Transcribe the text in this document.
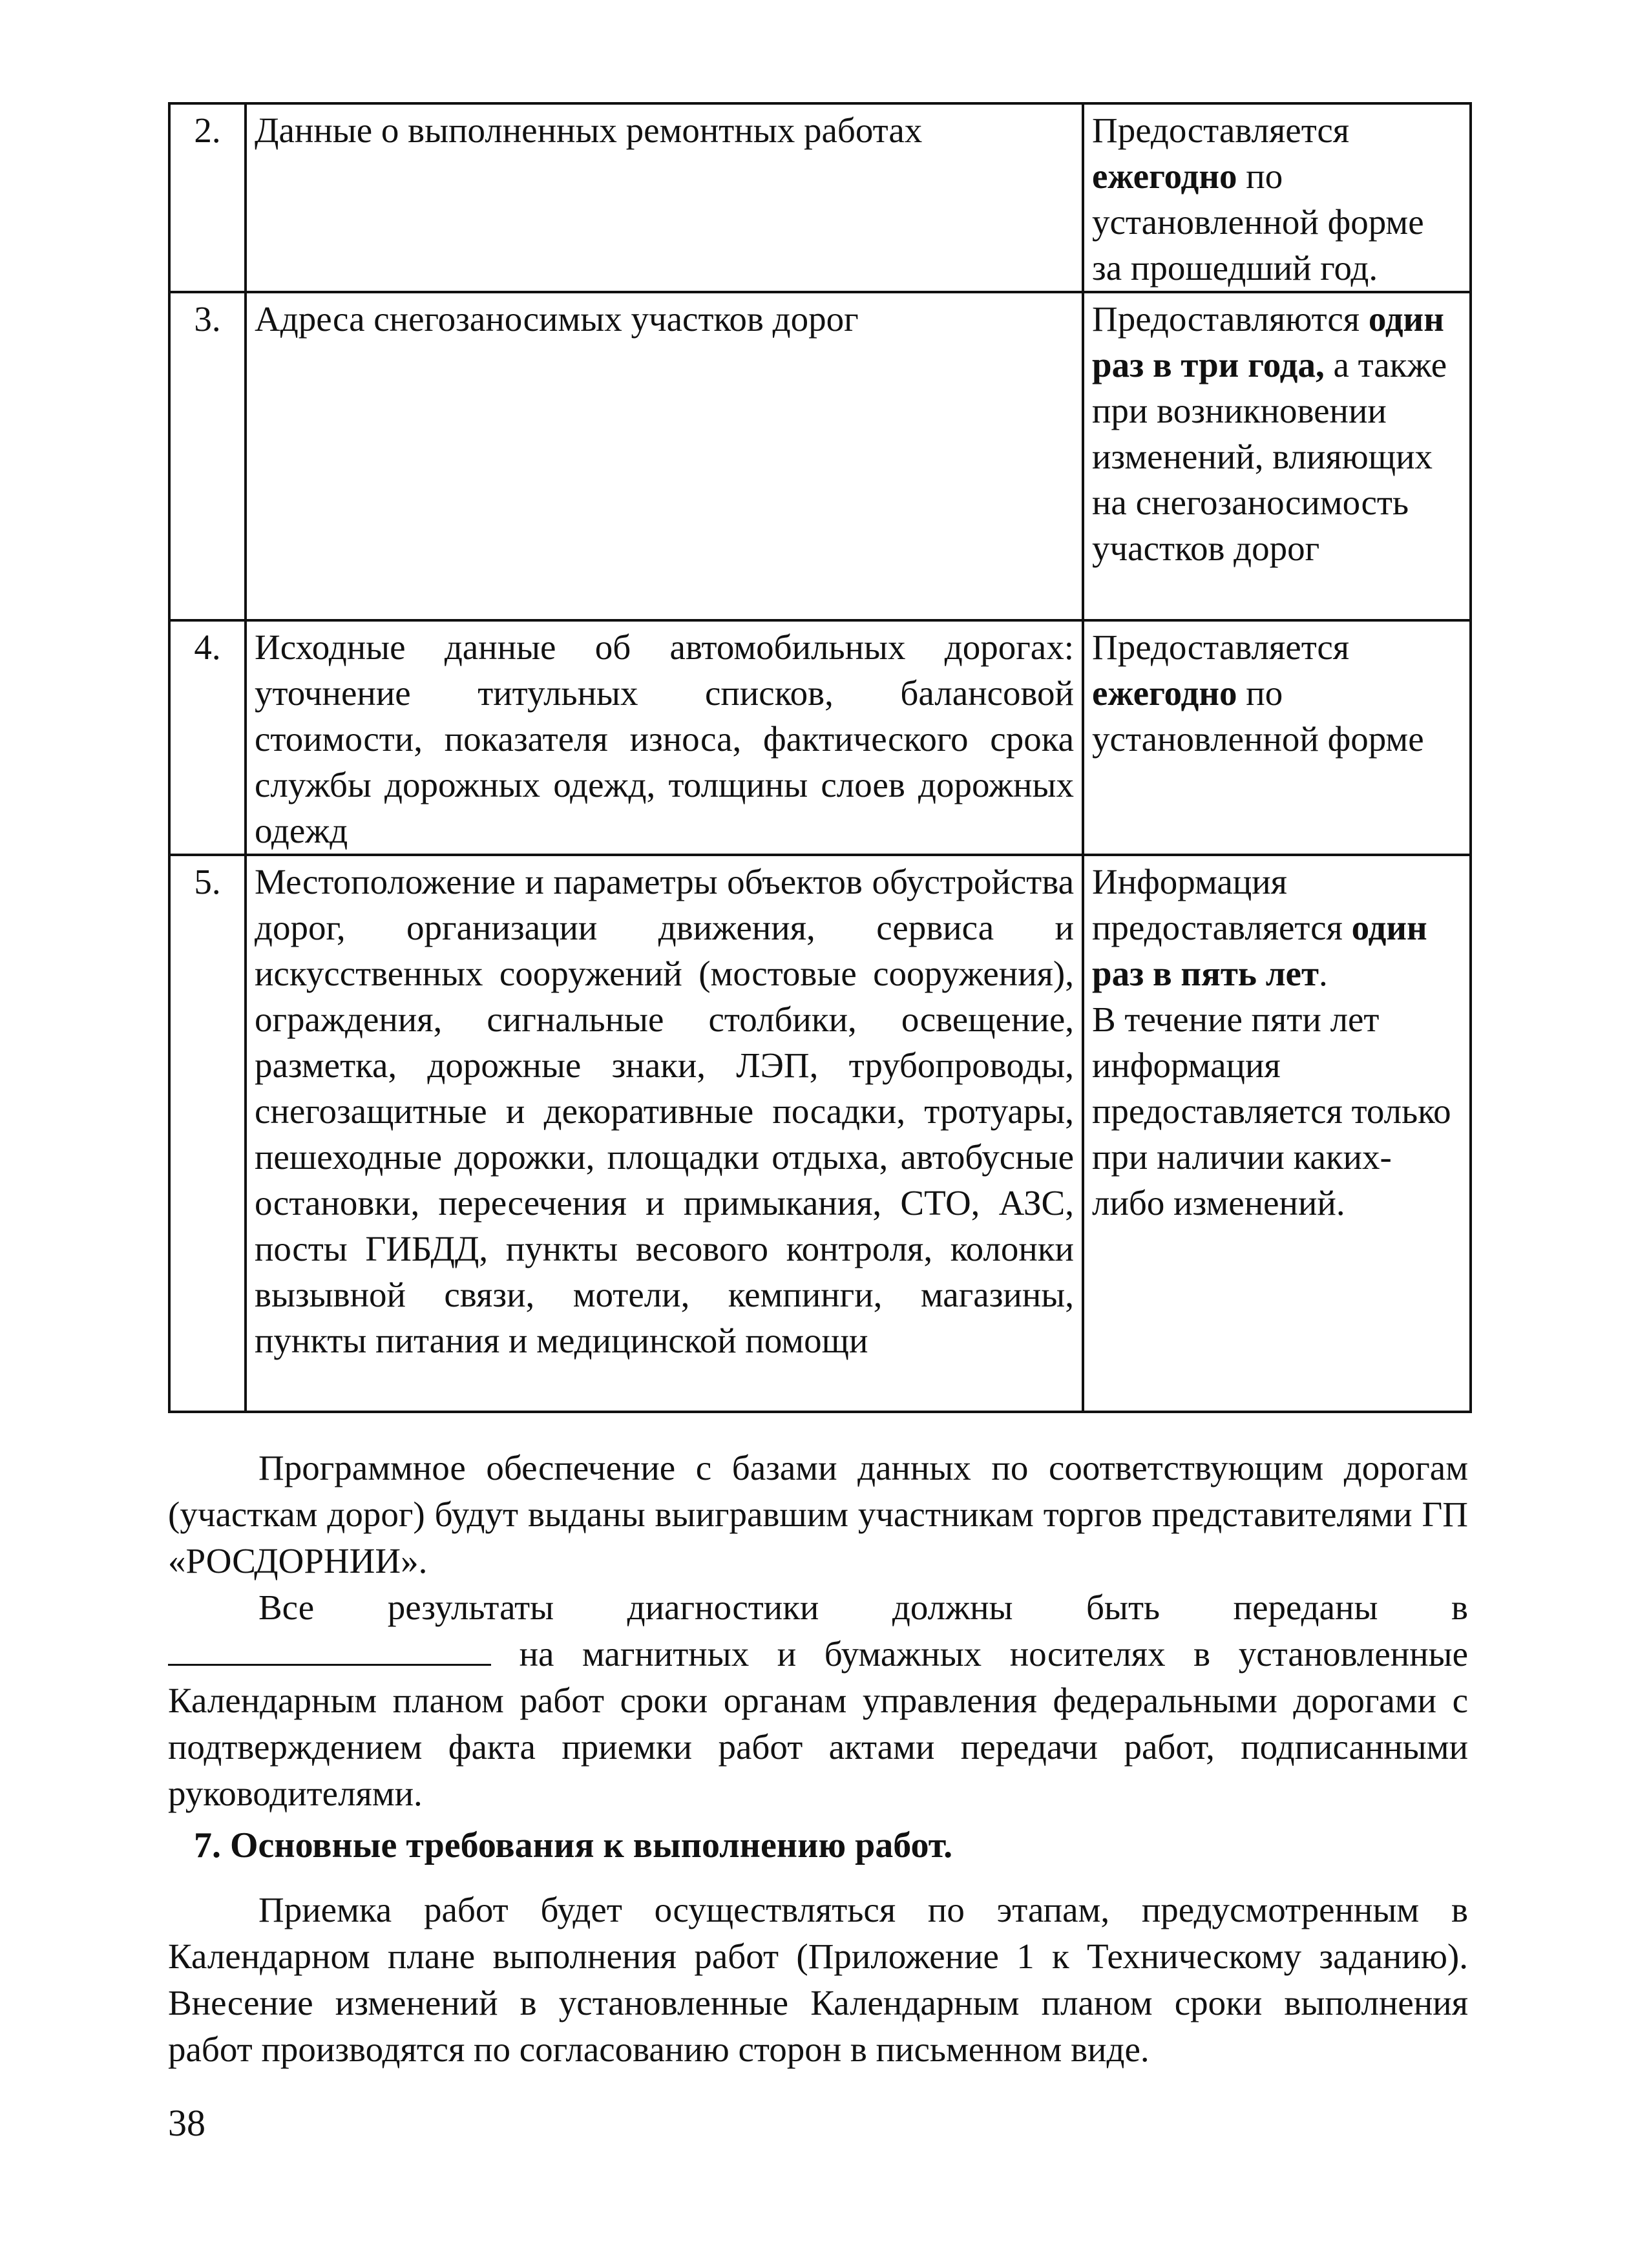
2.	Данные о выполненных ремонтных работах	Предоставляется ежегодно по установленной форме за прошедший год.
3.	Адреса снегозаносимых участков дорог	Предоставляются один раз в три года, а также при возникновении изменений, влияющих на снегозаносимость участков дорог
4.	Исходные данные об автомобильных дорогах: уточнение титульных списков, балансовой стоимости, показателя износа, фактического срока службы дорожных одежд, толщины слоев дорожных одежд	Предоставляется ежегодно по установленной форме
5.	Местоположение и параметры объектов обустройства дорог, организации движения, сервиса и искусственных сооружений (мостовые сооружения), ограждения, сигнальные столбики, освещение, разметка, дорожные знаки, ЛЭП, трубопроводы, снегозащитные и декоративные посадки, тротуары, пешеходные дорожки, площадки отдыха, автобусные остановки, пересечения и примыкания, СТО, АЗС, посты ГИБДД, пункты весового контроля, колонки вызывной связи, мотели, кемпинги, магазины, пункты питания и медицинской помощи	Информация предоставляется один раз в пять лет.
В течение пяти лет информация предоставляется только при наличии каких-либо изменений.

Программное обеспечение с базами данных по соответствующим дорогам (участкам дорог) будут выданы выигравшим участникам торгов представителями ГП «РОСДОРНИИ».

Все результаты диагностики должны быть переданы в
на магнитных и бумажных носителях в установленные Календарным планом работ сроки органам управления федеральными дорогами с подтверждением факта приемки работ актами передачи работ, подписанными руководителями.

7. Основные требования к выполнению работ.

Приемка работ будет осуществляться по этапам, предусмотренным в Календарном плане выполнения работ (Приложение 1 к Техническому заданию). Внесение изменений в установленные Календарным планом сроки выполнения работ производятся по согласованию сторон в письменном виде.

38
